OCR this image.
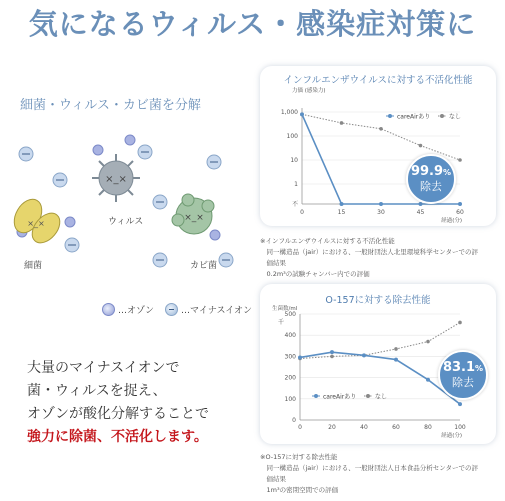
気になるウィルス・感染症対策に
細菌・ウィルス・カビ菌を分解
×_×
×_×
×_×
ウィルス
細菌	カビ菌
…オゾン	…マイナスイオン
大量のマイナスイオンで
菌・ウィルスを捉え、
オゾンが酸化分解することで
強力に除菌、不活化します。
インフルエンザウイルスに対する不活化性能
力価 (感染力)
1,000
100
10
1
不
0	15	30	45	60
経過(分)
careAirあり	なし
99.9%
除去
※インフルエンザウイルスに対する不活化性能
　同一構造品（jair）における、一般財団法人北里環境科学センターでの評
　価結果
　0.2m³の試験チャンバー内での評価
O-157に対する除去性能
生菌数/ml
千
500
400
300
200
100
0
0	20	40	60	80	100
経過(分)
careAirあり	なし
83.1%
除去
※O-157に対する除去性能
　同一構造品（jair）における、一般財団法人日本食品分析センターでの評
　価結果
　1m³の密閉空間での評価
